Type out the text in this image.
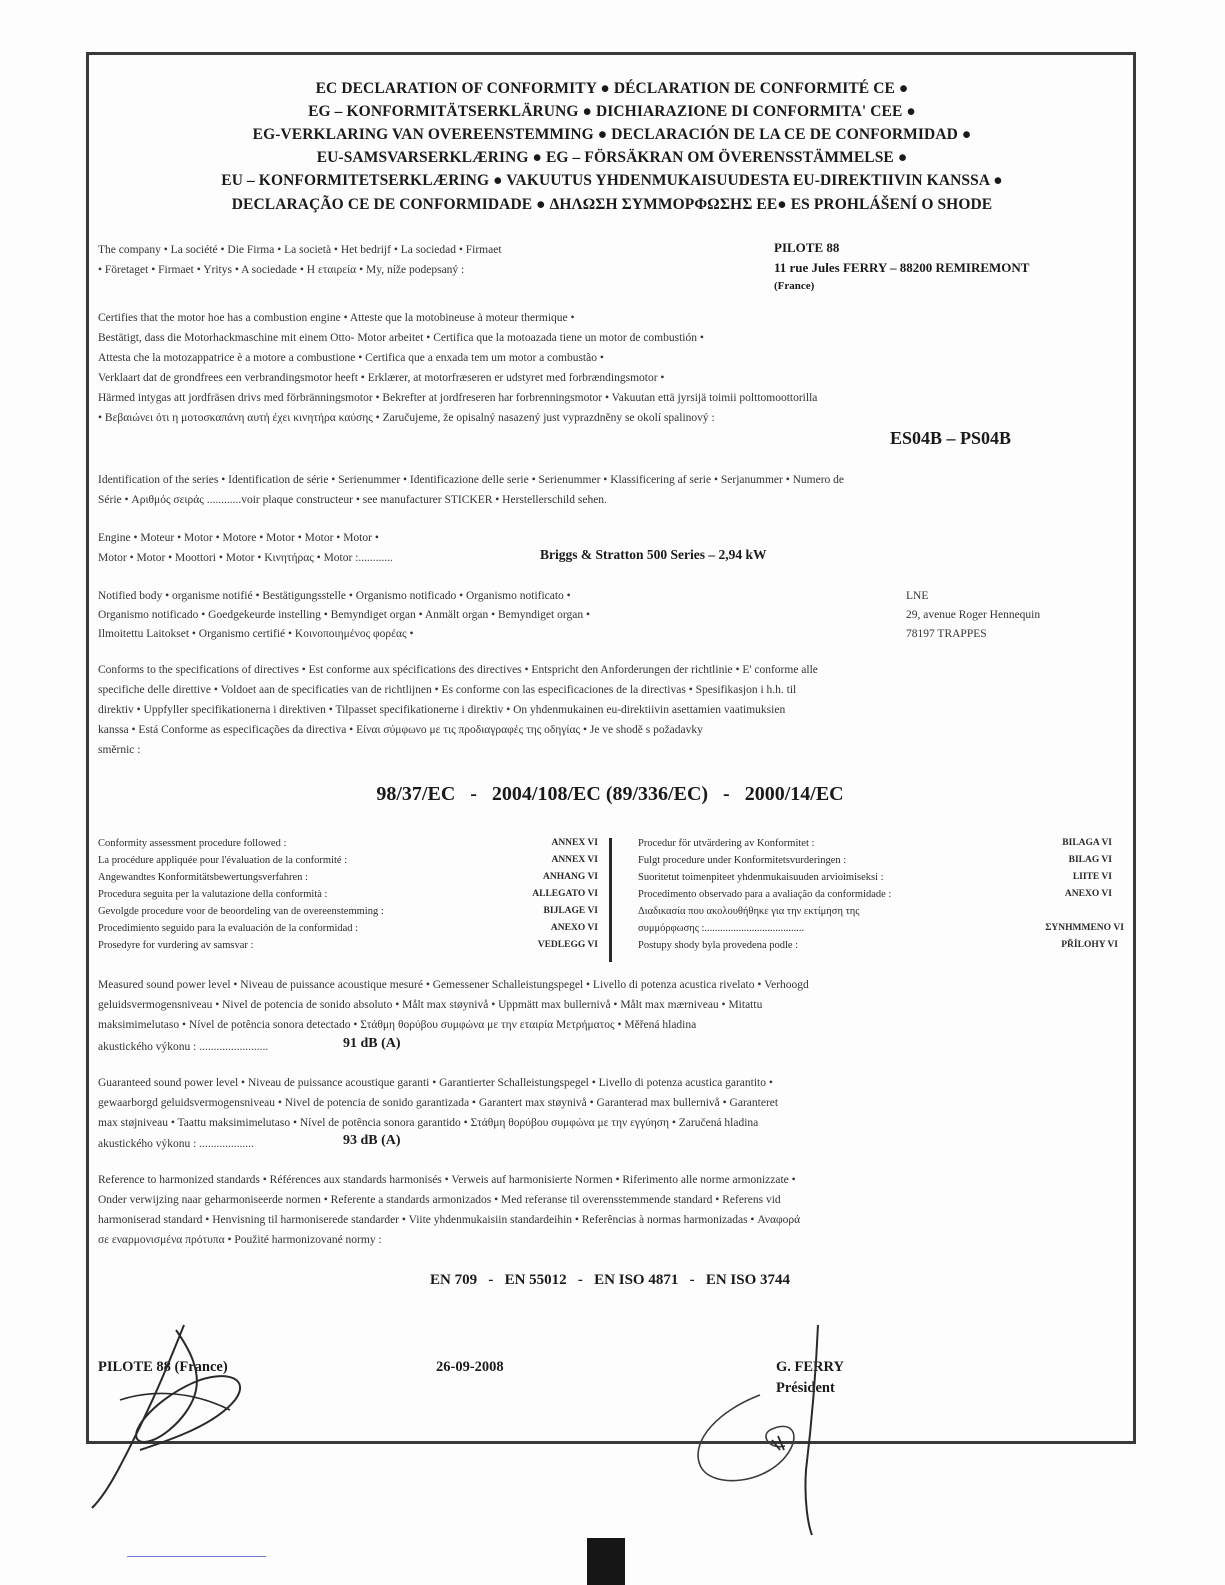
EC DECLARATION OF CONFORMITY ● DÉCLARATION DE CONFORMITÉ CE ●
EG – KONFORMITÄTSERKLÄRUNG ● DICHIARAZIONE DI CONFORMITA' CEE ●
EG-VERKLARING VAN OVEREENSTEMMING ● DECLARACIÓN DE LA CE DE CONFORMIDAD ●
EU-SAMSVARSERKLÆRING ● EG – FÖRSÄKRAN OM ÖVERENSSTÄMMELSE ●
EU – KONFORMITETSERKLÆRING ● VAKUUTUS YHDENMUKAISUUDESTA EU-DIREKTIIVIN KANSSA ●
DECLARAÇÃO CE DE CONFORMIDADE ● ΔΗΛΩΣΗ ΣΥΜΜΟΡΦΩΣΗΣ ΕΕ● ES PROHLÁŠENÍ O SHODE
The company • La société • Die Firma • La società • Het bedrijf • La sociedad • Firmaet
• Företaget • Firmaet • Yritys • A sociedade • Η εταιρεία • My, níže podepsaný :
PILOTE 88
11 rue Jules FERRY – 88200 REMIREMONT
(France)
Certifies that the motor hoe has a combustion engine • Atteste que la motobineuse à moteur thermique •
Bestätigt, dass die Motorhackmaschine mit einem Otto- Motor arbeitet • Certifica que la motoazada tiene un motor de combustión •
Attesta che la motozappatrice è a motore a combustione • Certifica que a enxada tem um motor a combustão •
Verklaart dat de grondfrees een verbrandingsmotor heeft • Erklærer, at motorfræseren er udstyret med forbrændingsmotor •
Härmed intygas att jordfräsen drivs med förbränningsmotor • Bekrefter at jordfreseren har forbrenningsmotor • Vakuutan että jyrsijä toimii polttomoottorilla
• Βεβαιώνει ότι η μοτοσκαπάνη αυτή έχει κινητήρα καύσης • Zaručujeme, že opisalný nasazený just vyprazdněny se okolí spalinový :
ES04B – PS04B
Identification of the series • Identification de série • Serienummer • Identificazione delle serie • Serienummer • Klassificering af serie • Serjanummer • Numero de
Série • Αριθμός σειράς ............voir plaque constructeur • see manufacturer STICKER • Herstellerschild sehen.
Engine • Moteur • Motor • Motore • Motor • Motor • Motor •
Motor • Motor • Moottori • Motor • Κινητήρας • Motor :............	Briggs & Stratton 500 Series – 2,94 kW
Notified body • organisme notifié • Bestätigungsstelle • Organismo notificado • Organismo notificato •
Organismo notificado • Goedgekeurde instelling • Bemyndiget organ • Anmält organ • Bemyndiget organ •
Ilmoitettu Laitokset • Organismo certifié • Κοινοποιημένος φορέας •
LNE
29, avenue Roger Hennequin
78197 TRAPPES
Conforms to the specifications of directives • Est conforme aux spécifications des directives • Entspricht den Anforderungen der richtlinie • E' conforme alle
specifiche delle direttive • Voldoet aan de specificaties van de richtlijnen • Es conforme con las especificaciones de la directivas • Spesifikasjon i h.h. til
direktiv • Uppfyller specifikationerna i direktiven • Tilpasset specifikationerne i direktiv • On yhdenmukainen eu-direktiivin asettamien vaatimuksien
kanssa • Está Conforme as especificações da directiva • Είναι σύμφωνο με τις προδιαγραφές της οδηγίας • Je ve shodě s požadavky
směrnic :
98/37/EC   -   2004/108/EC (89/336/EC)   -   2000/14/EC
Conformity assessment procedure followed :	ANNEX VI
La procédure appliquée pour l'évaluation de la conformité :	ANNEX VI
Angewandtes Konformitätsbewertungsverfahren :	ANHANG VI
Procedura seguita per la valutazione della conformità :	ALLEGATO VI
Gevolgde procedure voor de beoordeling van de overeenstemming :	BIJLAGE VI
Procedimiento seguido para la evaluación de la conformidad :	ANEXO VI
Prosedyre for vurdering av samsvar :	VEDLEGG VI
Procedur för utvärdering av Konformitet :	BILAGA VI
Fulgt procedure under Konformitetsvurderingen :	BILAG VI
Suoritetut toimenpiteet yhdenmukaisuuden arvioimiseksi :	LIITE VI
Procedimento observado para a avaliação da conformidade :	ANEXO VI
Διαδικασία που ακολουθήθηκε για την εκτίμηση της
συμμόρφωσης :......................................	ΣΥΝΗΜΜΕΝΟ VI
Postupy shody byla provedena podle :	PŘÍLOHY VI
Measured sound power level • Niveau de puissance acoustique mesuré • Gemessener Schalleistungspegel • Livello di potenza acustica rivelato • Verhoogd
geluidsvermogensniveau • Nivel de potencia de sonido absoluto • Målt max støynivå • Uppmätt max bullernivå • Målt max mærniveau • Mitattu
maksimimelutaso • Nível de potência sonora detectado • Στάθμη θορύβου συμφώνα με την εταιρία Μετρήματος • Měřená hladina
akustického výkonu : ........................	91 dB (A)
Guaranteed sound power level • Niveau de puissance acoustique garanti • Garantierter Schalleistungspegel • Livello di potenza acustica garantito •
gewaarborgd geluidsvermogensniveau • Nivel de potencia de sonido garantizada • Garantert max støynivå • Garanterad max bullernivå • Garanteret
max støjniveau • Taattu maksimimelutaso • Nível de potência sonora garantido • Στάθμη θορύβου συμφώνα με την εγγύηση • Zaručená hladina
akustického výkonu : ...................	93 dB (A)
Reference to harmonized standards • Références aux standards harmonisés • Verweis auf harmonisierte Normen • Riferimento alle norme armonizzate •
Onder verwijzing naar geharmoniseerde normen • Referente a standards armonizados • Med referanse til overensstemmende standard • Referens vid
harmoniserad standard • Henvisning til harmoniserede standarder • Viite yhdenmukaisiin standardeihin • Referências à normas harmonizadas • Αναφορά
σε εναρμονισμένα πρότυπα • Použité harmonizované normy :
EN 709   -   EN 55012   -   EN ISO 4871   -   EN ISO 3744
PILOTE 88 (France)	26-09-2008	G. FERRY
Président
